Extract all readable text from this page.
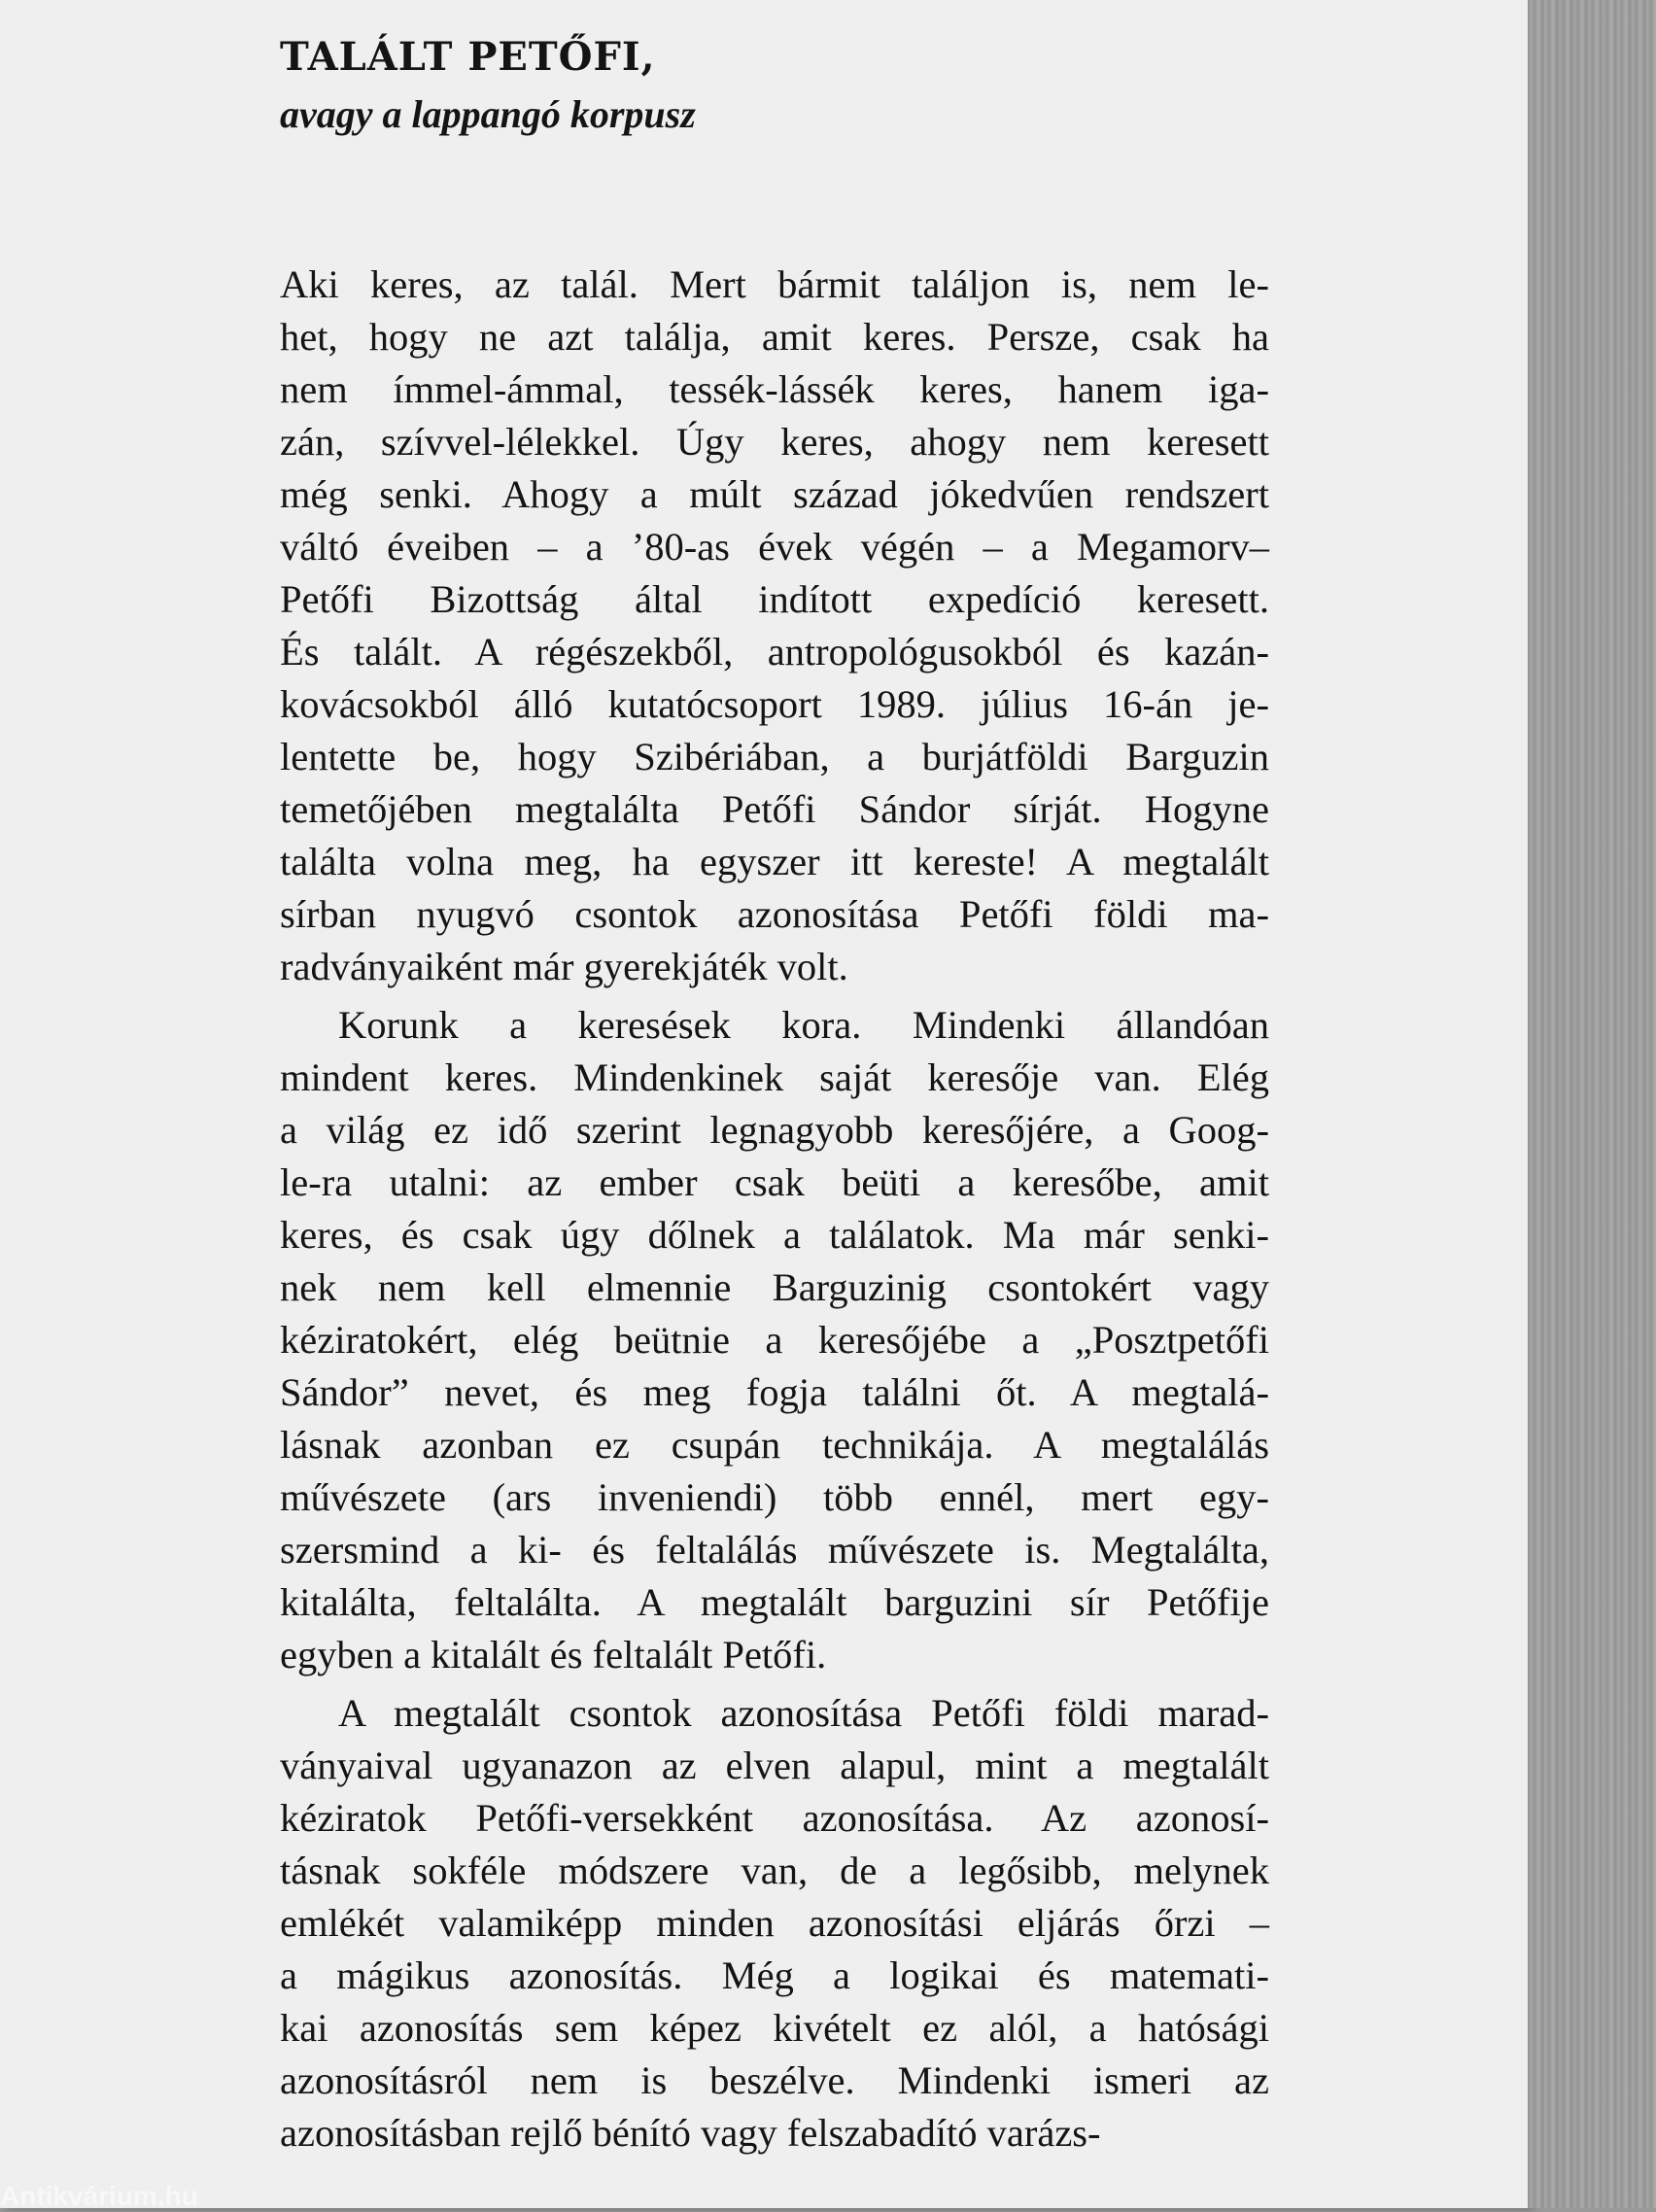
TALÁLT PETŐFI,
avagy a lappangó korpusz
Aki keres, az talál. Mert bármit találjon is, nem le-
het, hogy ne azt találja, amit keres. Persze, csak ha
nem ímmel-ámmal, tessék-lássék keres, hanem iga-
zán, szívvel-lélekkel. Úgy keres, ahogy nem keresett
még senki. Ahogy a múlt század jókedvűen rendszert
váltó éveiben – a ’80-as évek végén – a Megamorv–
Petőfi Bizottság által indított expedíció keresett.
És talált. A régészekből, antropológusokból és kazán-
kovácsokból álló kutatócsoport 1989. július 16-án je-
lentette be, hogy Szibériában, a burjátföldi Barguzin
temetőjében megtalálta Petőfi Sándor sírját. Hogyne
találta volna meg, ha egyszer itt kereste! A megtalált
sírban nyugvó csontok azonosítása Petőfi földi ma-
radványaiként már gyerekjáték volt.
Korunk a keresések kora. Mindenki állandóan
mindent keres. Mindenkinek saját keresője van. Elég
a világ ez idő szerint legnagyobb keresőjére, a Goog-
le-ra utalni: az ember csak beüti a keresőbe, amit
keres, és csak úgy dőlnek a találatok. Ma már senki-
nek nem kell elmennie Barguzinig csontokért vagy
kéziratokért, elég beütnie a keresőjébe a „Posztpetőfi
Sándor” nevet, és meg fogja találni őt. A megtalá-
lásnak azonban ez csupán technikája. A megtalálás
művészete (ars inveniendi) több ennél, mert egy-
szersmind a ki- és feltalálás művészete is. Megtalálta,
kitalálta, feltalálta. A megtalált barguzini sír Petőfije
egyben a kitalált és feltalált Petőfi.
A megtalált csontok azonosítása Petőfi földi marad-
ványaival ugyanazon az elven alapul, mint a megtalált
kéziratok Petőfi-versekként azonosítása. Az azonosí-
tásnak sokféle módszere van, de a legősibb, melynek
emlékét valamiképp minden azonosítási eljárás őrzi –
a mágikus azonosítás. Még a logikai és matemati-
kai azonosítás sem képez kivételt ez alól, a hatósági
azonosításról nem is beszélve. Mindenki ismeri az
azonosításban rejlő bénító vagy felszabadító varázs-
Antikvárium.hu
